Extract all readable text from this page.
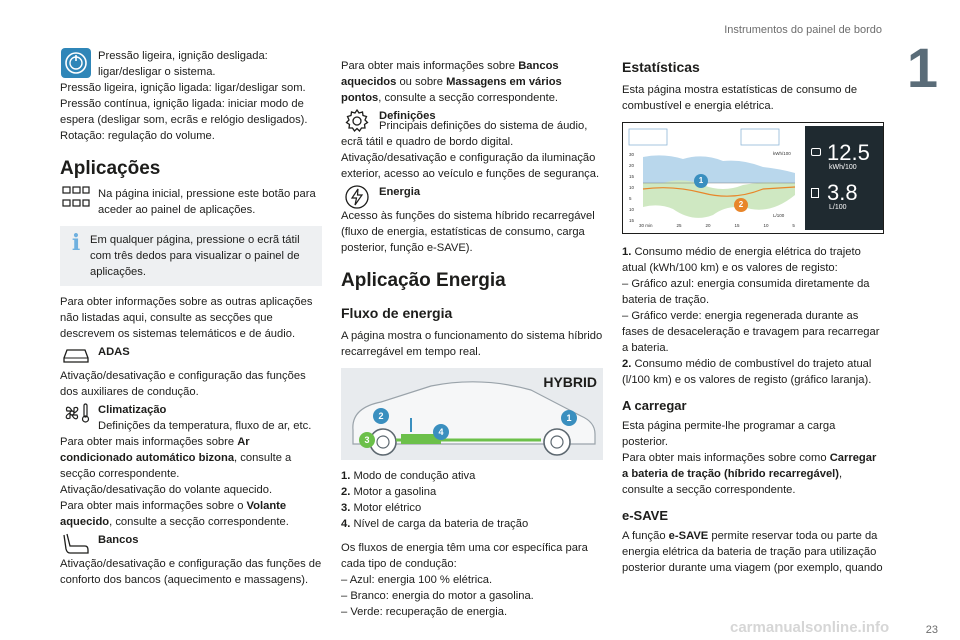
Instrumentos do painel de bordo
1

Pressão ligeira, ignição desligada: ligar/desligar o sistema.

Pressão ligeira, ignição ligada: ligar/desligar som.

Pressão contínua, ignição ligada: iniciar modo de espera (desligar som, ecrãs e relógio desligados).

Rotação: regulação do volume.

Aplicações

Na página inicial, pressione este botão para aceder ao painel de aplicações.

i Em qualquer página, pressione o ecrã tátil com três dedos para visualizar o painel de aplicações.

Para obter informações sobre as outras aplicações não listadas aqui, consulte as secções que descrevem os sistemas telemáticos e de áudio.

ADAS

Ativação/desativação e configuração das funções dos auxiliares de condução.

Climatização

Definições da temperatura, fluxo de ar, etc.

Para obter mais informações sobre Ar condicionado automático bizona, consulte a secção correspondente.

Ativação/desativação do volante aquecido.

Para obter mais informações sobre o Volante aquecido, consulte a secção correspondente.

Bancos

Ativação/desativação e configuração das funções de conforto dos bancos (aquecimento e massagens).

Para obter mais informações sobre Bancos aquecidos ou sobre Massagens em vários pontos, consulte a secção correspondente.

Definições

Principais definições do sistema de áudio, ecrã tátil e quadro de bordo digital.

Ativação/desativação e configuração da iluminação exterior, acesso ao veículo e funções de segurança.

Energia

Acesso às funções do sistema híbrido recarregável (fluxo de energia, estatísticas de consumo, carga posterior, função e-SAVE).

Aplicação Energia
Fluxo de energia

A página mostra o funcionamento do sistema híbrido recarregável em tempo real.

HYBRID
1
2
3
4
1. Modo de condução ativa
2. Motor a gasolina
3. Motor elétrico
4. Nível de carga da bateria de tração

Os fluxos de energia têm uma cor específica para cada tipo de condução:

– Azul: energia 100 % elétrica.

– Branco: energia do motor a gasolina.

– Verde: recuperação de energia.

Estatísticas

Esta página mostra estatísticas de consumo de combustível e energia elétrica.

1
2
30
20
15
10
5
10
15
30 min	25	20	15	10	5
kWh/100
L/100
12.5
kWh/100
3.8
L/100

1. Consumo médio de energia elétrica do trajeto atual (kWh/100 km) e os valores de registo:

– Gráfico azul: energia consumida diretamente da bateria de tração.

– Gráfico verde: energia regenerada durante as fases de desaceleração e travagem para recarregar a bateria.

2. Consumo médio de combustível do trajeto atual (l/100 km) e os valores de registo (gráfico laranja).

A carregar

Esta página permite-lhe programar a carga posterior.

Para obter mais informações sobre como Carregar a bateria de tração (híbrido recarregável), consulte a secção correspondente.

e-SAVE

A função e-SAVE permite reservar toda ou parte da energia elétrica da bateria de tração para utilização posterior durante uma viagem (por exemplo, quando

carmanualsonline.info	23
